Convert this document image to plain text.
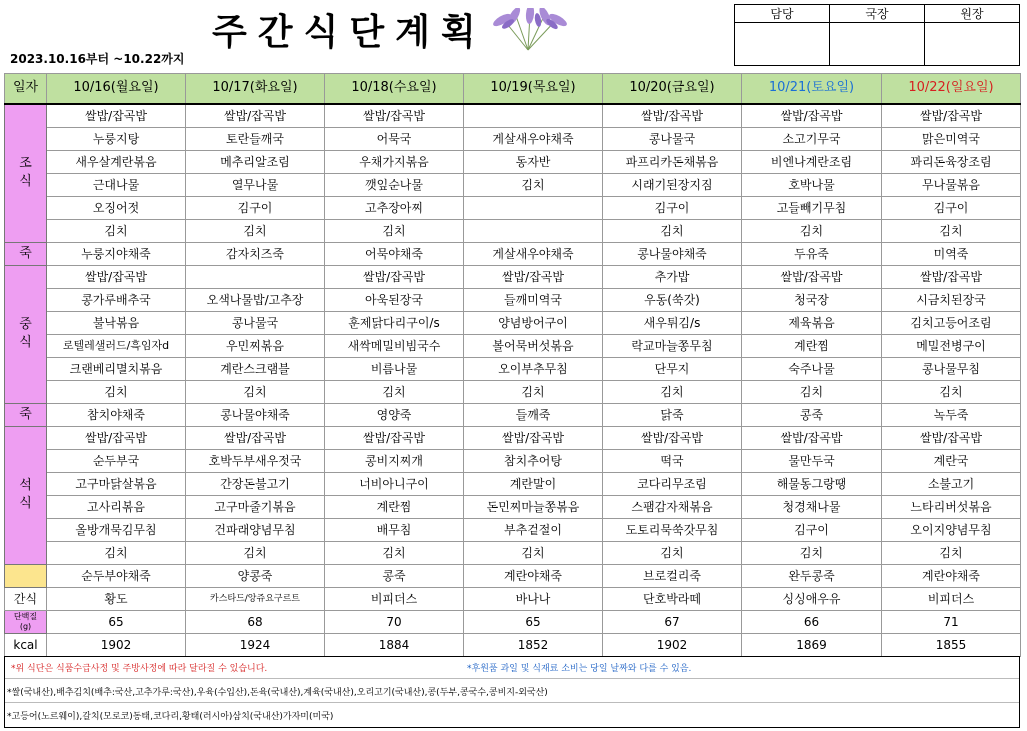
주간식단계획
2023.10.16부터 ~10.22까지
담당	국장	원장

일자	10/16(월요일)	10/17(화요일)	10/18(수요일)	10/19(목요일)	10/20(금요일)	10/21(토요일)	10/22(일요일)
조
식	쌀밥/잡곡밥	쌀밥/잡곡밥	쌀밥/잡곡밥		쌀밥/잡곡밥	쌀밥/잡곡밥	쌀밥/잡곡밥
	누룽지탕	토란들깨국	어묵국	게살새우야채죽	콩나물국	소고기무국	맑은미역국
	새우살계란볶음	메추리알조림	우채가지볶음	동자반	파프리카돈채볶음	비엔나계란조림	꽈리돈육장조림
	근대나물	열무나물	깻잎순나물	김치	시래기된장지짐	호박나물	무나물볶음
	오징어젓	김구이	고추장아찌		김구이	고들빼기무침	김구이
	김치	김치	김치		김치	김치	김치
죽	누룽지야채죽	감자치즈죽	어묵야채죽	게살새우야채죽	콩나물야채죽	두유죽	미역죽
중
식	쌀밥/잡곡밥		쌀밥/잡곡밥	쌀밥/잡곡밥	추가밥	쌀밥/잡곡밥	쌀밥/잡곡밥
	콩가루배추국	오색나물밥/고추장	아욱된장국	들깨미역국	우동(쑥갓)	청국장	시금치된장국
	불낙볶음	콩나물국	훈제닭다리구이/s	양념방어구이	새우튀김/s	제육볶음	김치고등어조림
	로텔레샐러드/흑임자d	우민찌볶음	새싹메밀비빔국수	볼어묵버섯볶음	락교마늘쫑무침	계란찜	메밀전병구이
	크랜베리멸치볶음	계란스크램블	비름나물	오이부추무침	단무지	숙주나물	콩나물무침
	김치	김치	김치	김치	김치	김치	김치
죽	참치야채죽	콩나물야채죽	영양죽	들깨죽	닭죽	콩죽	녹두죽
석
식	쌀밥/잡곡밥	쌀밥/잡곡밥	쌀밥/잡곡밥	쌀밥/잡곡밥	쌀밥/잡곡밥	쌀밥/잡곡밥	쌀밥/잡곡밥
	순두부국	호박두부새우젓국	콩비지찌개	참치추어탕	떡국	물만두국	계란국
	고구마닭살볶음	간장돈불고기	너비아니구이	계란말이	코다리무조림	해물동그랑땡	소불고기
	고사리볶음	고구마줄기볶음	계란찜	돈민찌마늘쫑볶음	스팸감자채볶음	청경채나물	느타리버섯볶음
	올방개묵김무침	건파래양념무침	배무침	부추겉절이	도토리묵쑥갓무침	김구이	오이지양념무침
	김치	김치	김치	김치	김치	김치	김치
	순두부야채죽	양콩죽	콩죽	계란야채죽	브로컬리죽	완두콩죽	계란야채죽
간식	황도	카스타드/앙쥬요구르트	비피더스	바나나	단호박라떼	싱싱애우유	비피더스
단백질
(g)	65	68	70	65	67	66	71
kcal	1902	1924	1884	1852	1902	1869	1855
*위 식단은 식품수급사정 및 주방사정에 따라 달라질 수 있습니다.	*후원품 과일 및 식재료 소비는 당일 날짜와 다를 수 있음.
*쌀(국내산),배추김치(배추:국산,고추가루:국산),우육(수입산),돈육(국내산),계육(국내산),오리고기(국내산),콩(두부,콩국수,콩비지-외국산)
*고등어(노르웨이),갈치(모로코)동태,코다리,황태(러시아)삼치(국내산)가자미(미국)
